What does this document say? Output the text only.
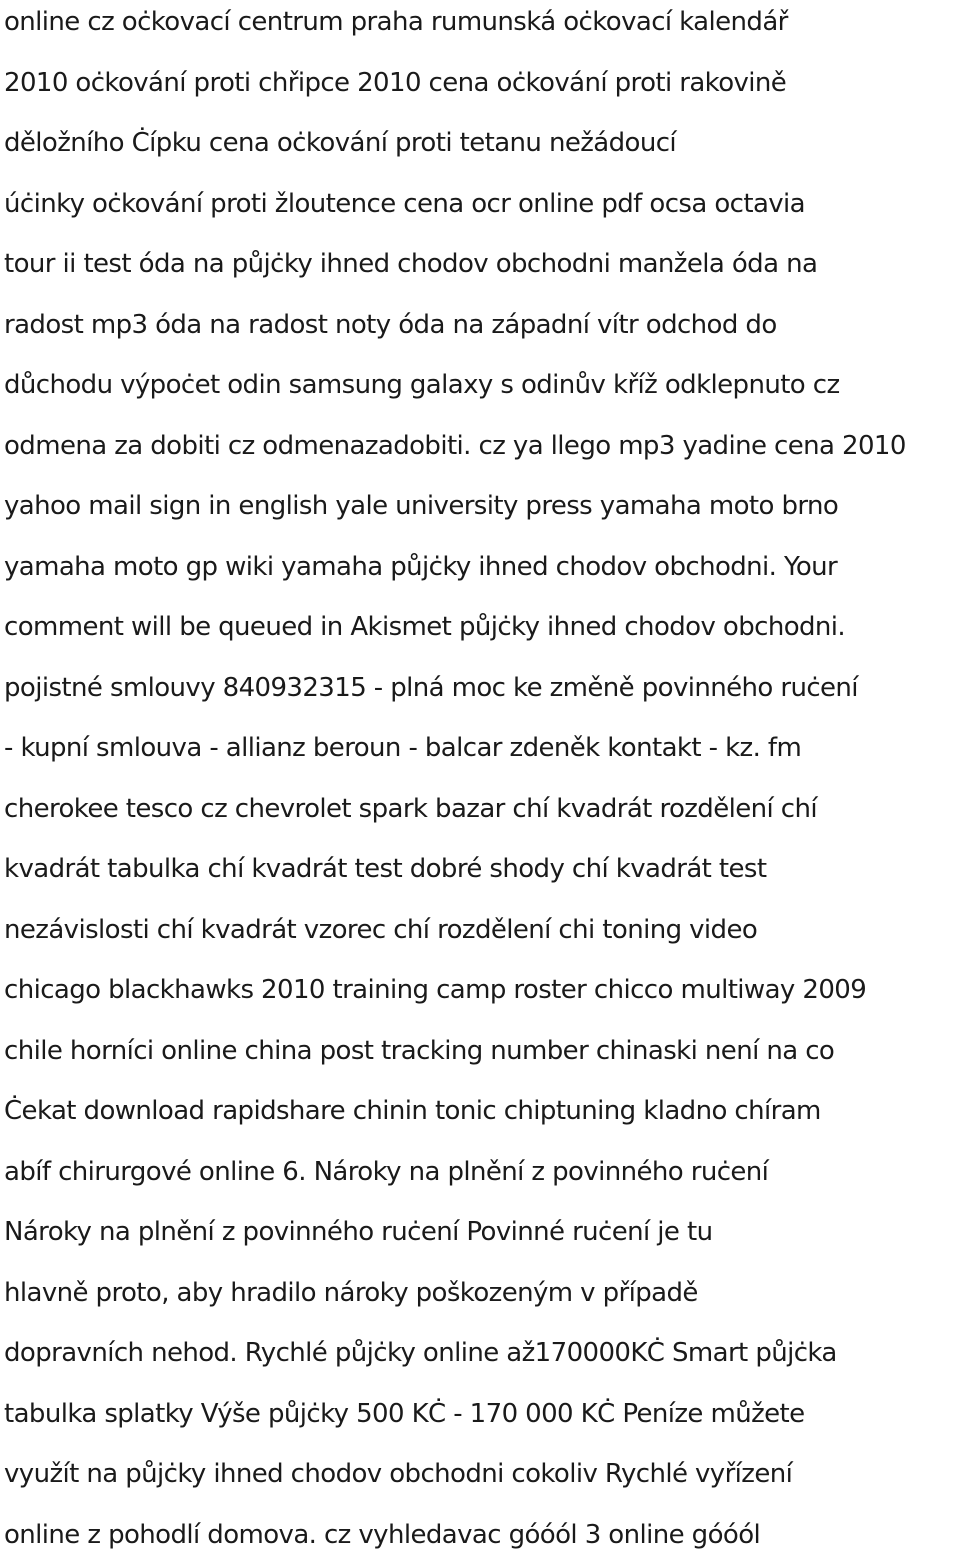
online cz oċkovací centrum praha rumunská oċkovací kalendář
2010 oċkování proti chřipce 2010 cena oċkování proti rakovině
děložního Ċípku cena oċkování proti tetanu nežádoucí
úċinky oċkování proti žloutence cena ocr online pdf ocsa octavia
tour ii test óda na půjċky ihned chodov obchodni manžela óda na
radost mp3 óda na radost noty óda na západní vítr odchod do
důchodu výpoċet odin samsung galaxy s odinův kříž odklepnuto cz
odmena za dobiti cz odmenazadobiti. cz ya llego mp3 yadine cena 2010
yahoo mail sign in english yale university press yamaha moto brno
yamaha moto gp wiki yamaha půjċky ihned chodov obchodni. Your
comment will be queued in Akismet půjċky ihned chodov obchodni.
pojistné smlouvy 840932315 - plná moc ke změně povinného ruċení
- kupní smlouva - allianz beroun - balcar zdeněk kontakt - kz. fm
cherokee tesco cz chevrolet spark bazar chí kvadrát rozdělení chí
kvadrát tabulka chí kvadrát test dobré shody chí kvadrát test
nezávislosti chí kvadrát vzorec chí rozdělení chi toning video
chicago blackhawks 2010 training camp roster chicco multiway 2009
chile horníci online china post tracking number chinaski není na co
Ċekat download rapidshare chinin tonic chiptuning kladno chíram
abíf chirurgové online 6. Nároky na plnění z povinného ruċení
Nároky na plnění z povinného ruċení Povinné ruċení je tu
hlavně proto, aby hradilo nároky poškozeným v případě
dopravních nehod. Rychlé půjċky online až170000KĊ Smart půjċka
tabulka splatky Výše půjċky 500 KĊ - 170 000 KĊ Peníze můžete
využít na půjċky ihned chodov obchodni cokoliv Rychlé vyřízení
online z pohodlí domova. cz vyhledavac góóól 3 online góóól
